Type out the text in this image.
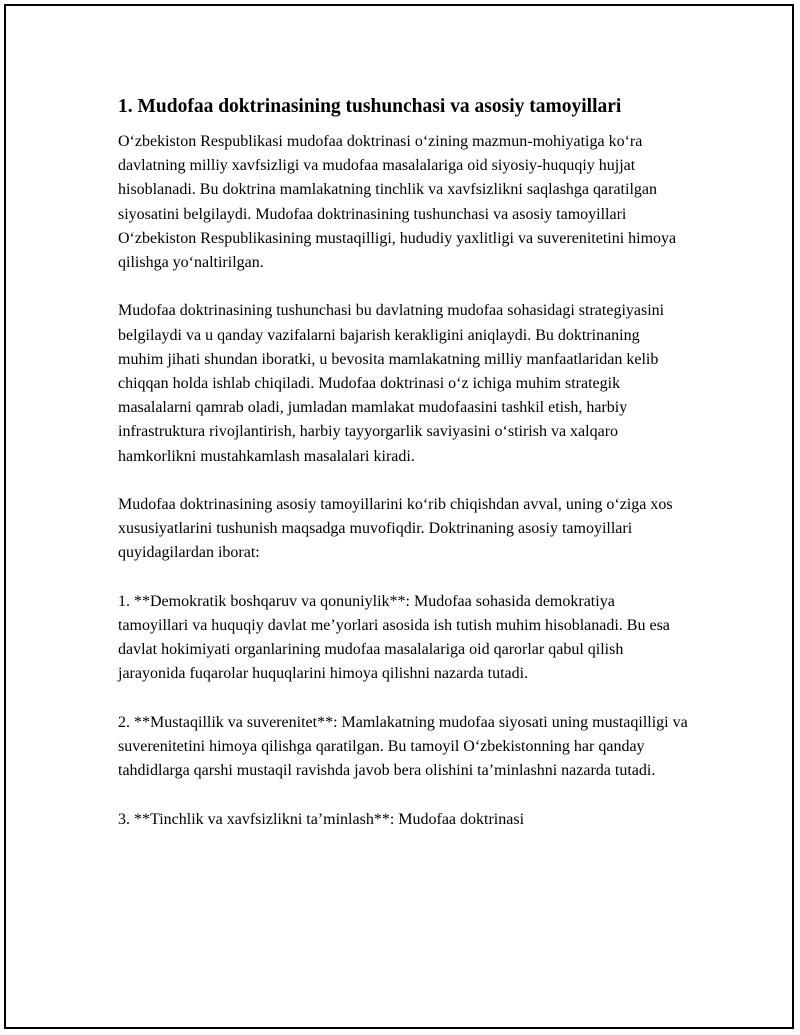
1. Mudofaa doktrinasining tushunchasi va asosiy tamoyillari

O‘zbekiston Respublikasi mudofaa doktrinasi o‘zining mazmun-mohiyatiga ko‘ra davlatning milliy xavfsizligi va mudofaa masalalariga oid siyosiy-huquqiy hujjat hisoblanadi. Bu doktrina mamlakatning tinchlik va xavfsizlikni saqlashga qaratilgan siyosatini belgilaydi. Mudofaa doktrinasining tushunchasi va asosiy tamoyillari O‘zbekiston Respublikasining mustaqilligi, hududiy yaxlitligi va suverenitetini himoya qilishga yo‘naltirilgan.

Mudofaa doktrinasining tushunchasi bu davlatning mudofaa sohasidagi strategiyasini belgilaydi va u qanday vazifalarni bajarish kerakligini aniqlaydi. Bu doktrinaning muhim jihati shundan iboratki, u bevosita mamlakatning milliy manfaatlaridan kelib chiqqan holda ishlab chiqiladi. Mudofaa doktrinasi o‘z ichiga muhim strategik masalalarni qamrab oladi, jumladan mamlakat mudofaasini tashkil etish, harbiy infrastruktura rivojlantirish, harbiy tayyorgarlik saviyasini o‘stirish va xalqaro hamkorlikni mustahkamlash masalalari kiradi.

Mudofaa doktrinasining asosiy tamoyillarini ko‘rib chiqishdan avval, uning o‘ziga xos xususiyatlarini tushunish maqsadga muvofiqdir. Doktrinaning asosiy tamoyillari quyidagilardan iborat:

1. **Demokratik boshqaruv va qonuniylik**: Mudofaa sohasida demokratiya tamoyillari va huquqiy davlat me’yorlari asosida ish tutish muhim hisoblanadi. Bu esa davlat hokimiyati organlarining mudofaa masalalariga oid qarorlar qabul qilish jarayonida fuqarolar huquqlarini himoya qilishni nazarda tutadi.

2. **Mustaqillik va suverenitet**: Mamlakatning mudofaa siyosati uning mustaqilligi va suverenitetini himoya qilishga qaratilgan. Bu tamoyil O‘zbekistonning har qanday tahdidlarga qarshi mustaqil ravishda javob bera olishini ta’minlashni nazarda tutadi.

3. **Tinchlik va xavfsizlikni ta’minlash**: Mudofaa doktrinasi
